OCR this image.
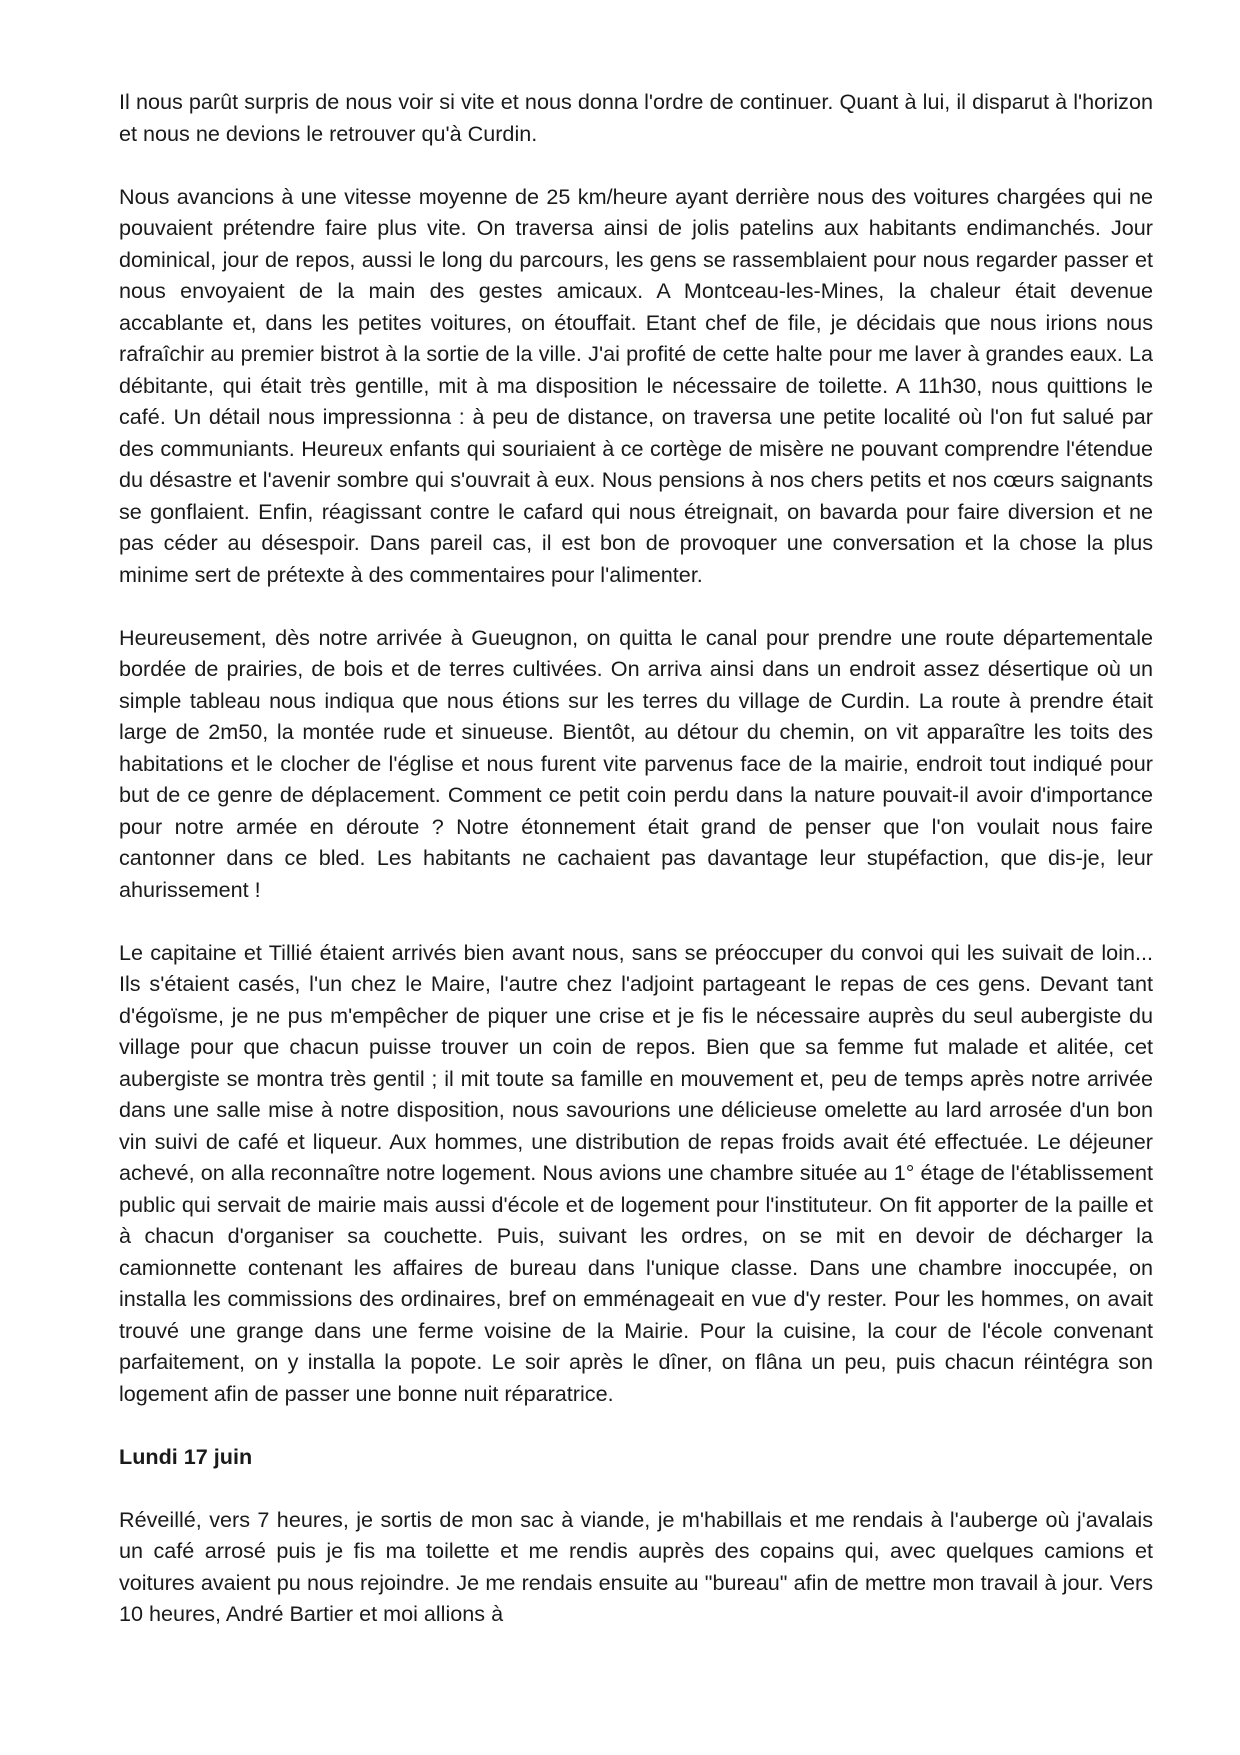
Il nous parût surpris de nous voir si vite et nous donna l'ordre de continuer. Quant à lui, il disparut à l'horizon et nous ne devions le retrouver qu'à Curdin.

Nous avancions à une vitesse moyenne de 25 km/heure ayant derrière nous des voitures chargées qui ne pouvaient prétendre faire plus vite. On traversa ainsi de jolis patelins aux habitants endimanchés. Jour dominical, jour de repos, aussi le long du parcours, les gens se rassemblaient pour nous regarder passer et nous envoyaient de la main des gestes amicaux. A Montceau-les-Mines, la chaleur était devenue accablante et, dans les petites voitures, on étouffait. Etant chef de file, je décidais que nous irions nous rafraîchir au premier bistrot à la sortie de la ville. J'ai profité de cette halte pour me laver à grandes eaux. La débitante, qui était très gentille, mit à ma disposition le nécessaire de toilette. A 11h30, nous quittions le café. Un détail nous impressionna : à peu de distance, on traversa une petite localité où l'on fut salué par des communiants. Heureux enfants qui souriaient à ce cortège de misère ne pouvant comprendre l'étendue du désastre et l'avenir sombre qui s'ouvrait à eux. Nous pensions à nos chers petits et nos cœurs saignants se gonflaient. Enfin, réagissant contre le cafard qui nous étreignait, on bavarda pour faire diversion et ne pas céder au désespoir. Dans pareil cas, il est bon de provoquer une conversation et la chose la plus minime sert de prétexte à des commentaires pour l'alimenter.

Heureusement, dès notre arrivée à Gueugnon, on quitta le canal pour prendre une route départementale bordée de prairies, de bois et de terres cultivées. On arriva ainsi dans un endroit assez désertique où un simple tableau nous indiqua que nous étions sur les terres du village de Curdin. La route à prendre était large de 2m50, la montée rude et sinueuse. Bientôt, au détour du chemin, on vit apparaître les toits des habitations et le clocher de l'église et nous furent vite parvenus face de la mairie, endroit tout indiqué pour but de ce genre de déplacement. Comment ce petit coin perdu dans la nature pouvait-il avoir d'importance pour notre armée en déroute ? Notre étonnement était grand de penser que l'on voulait nous faire cantonner dans ce bled. Les habitants ne cachaient pas davantage leur stupéfaction, que dis-je, leur ahurissement !

Le capitaine et Tillié étaient arrivés bien avant nous, sans se préoccuper du convoi qui les suivait de loin... Ils s'étaient casés, l'un chez le Maire, l'autre chez l'adjoint partageant le repas de ces gens. Devant tant d'égoïsme, je ne pus m'empêcher de piquer une crise et je fis le nécessaire auprès du seul aubergiste du village pour que chacun puisse trouver un coin de repos. Bien que sa femme fut malade et alitée, cet aubergiste se montra très gentil ; il mit toute sa famille en mouvement et, peu de temps après notre arrivée dans une salle mise à notre disposition, nous savourions une délicieuse omelette au lard arrosée d'un bon vin suivi de café et liqueur. Aux hommes, une distribution de repas froids avait été effectuée. Le déjeuner achevé, on alla reconnaître notre logement. Nous avions une chambre située au 1° étage de l'établissement public qui servait de mairie mais aussi d'école et de logement pour l'instituteur. On fit apporter de la paille et à chacun d'organiser sa couchette. Puis, suivant les ordres, on se mit en devoir de décharger la camionnette contenant les affaires de bureau dans l'unique classe. Dans une chambre inoccupée, on installa les commissions des ordinaires, bref on emménageait en vue d'y rester. Pour les hommes, on avait trouvé une grange dans une ferme voisine de la Mairie. Pour la cuisine, la cour de l'école convenant parfaitement, on y installa la popote. Le soir après le dîner, on flâna un peu, puis chacun réintégra son logement afin de passer une bonne nuit réparatrice.

Lundi 17 juin

Réveillé, vers 7 heures, je sortis de mon sac à viande, je m'habillais et me rendais à l'auberge où j'avalais un café arrosé puis je fis ma toilette et me rendis auprès des copains qui, avec quelques camions et voitures avaient pu nous rejoindre. Je me rendais ensuite au "bureau" afin de mettre mon travail à jour. Vers 10 heures, André Bartier et moi allions à
